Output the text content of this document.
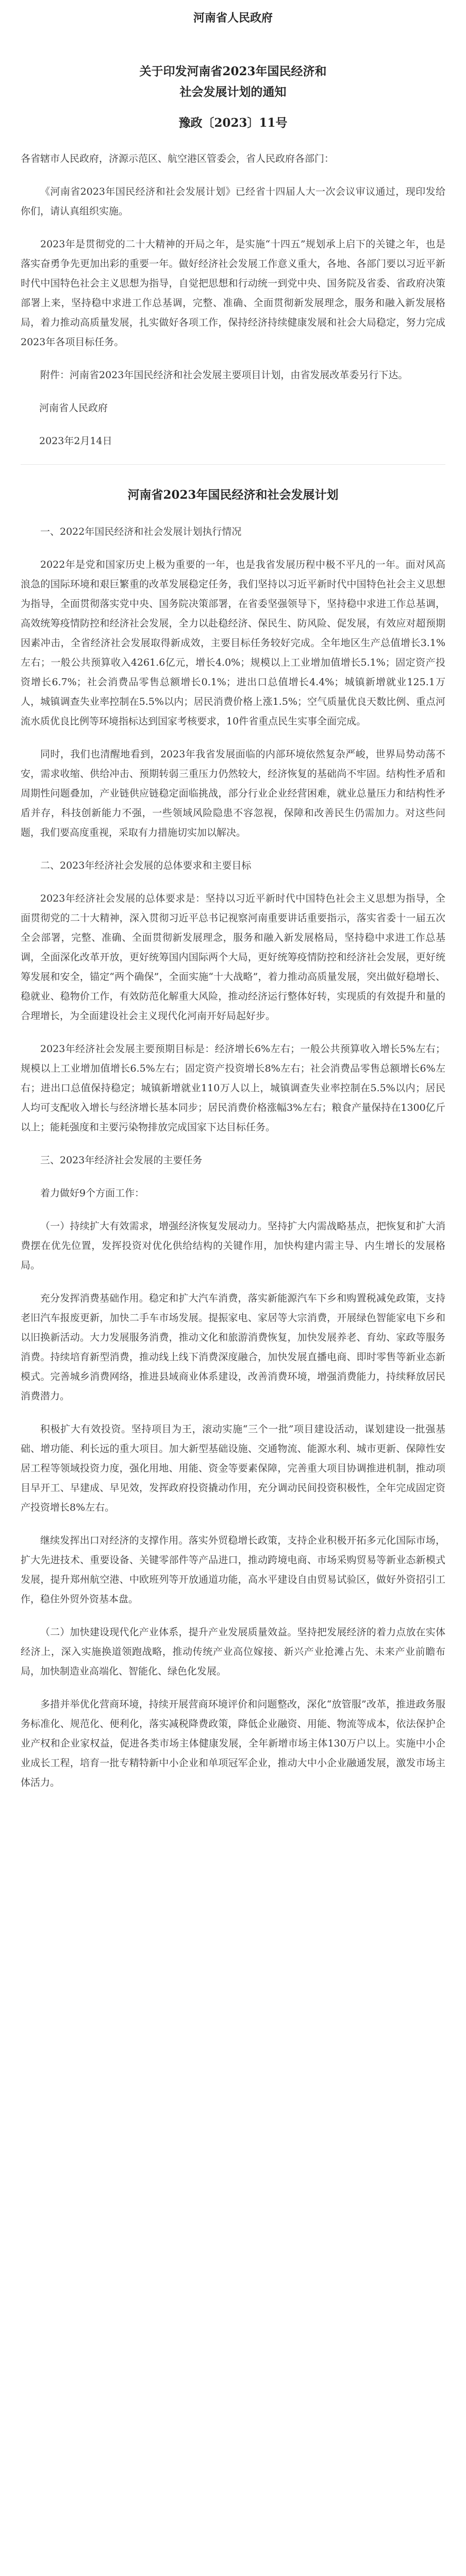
河南省人民政府
关于印发河南省2023年国民经济和
社会发展计划的通知
豫政〔2023〕11号
各省辖市人民政府，济源示范区、航空港区管委会，省人民政府各部门：

《河南省2023年国民经济和社会发展计划》已经省十四届人大一次会议审议通过，现印发给你们，请认真组织实施。

2023年是贯彻党的二十大精神的开局之年，是实施“十四五”规划承上启下的关键之年，也是落实奋勇争先更加出彩的重要一年。做好经济社会发展工作意义重大，各地、各部门要以习近平新时代中国特色社会主义思想为指导，自觉把思想和行动统一到党中央、国务院及省委、省政府决策部署上来，坚持稳中求进工作总基调，完整、准确、全面贯彻新发展理念，服务和融入新发展格局，着力推动高质量发展，扎实做好各项工作，保持经济持续健康发展和社会大局稳定，努力完成2023年各项目标任务。

附件：河南省2023年国民经济和社会发展主要项目计划，由省发展改革委另行下达。

河南省人民政府
2023年2月14日
河南省2023年国民经济和社会发展计划
一、2022年国民经济和社会发展计划执行情况

2022年是党和国家历史上极为重要的一年，也是我省发展历程中极不平凡的一年。面对风高浪急的国际环境和艰巨繁重的改革发展稳定任务，我们坚持以习近平新时代中国特色社会主义思想为指导，全面贯彻落实党中央、国务院决策部署，在省委坚强领导下，坚持稳中求进工作总基调，高效统筹疫情防控和经济社会发展，全力以赴稳经济、保民生、防风险、促发展，有效应对超预期因素冲击，全省经济社会发展取得新成效，主要目标任务较好完成。全年地区生产总值增长3.1%左右；一般公共预算收入4261.6亿元，增长4.0%；规模以上工业增加值增长5.1%；固定资产投资增长6.7%；社会消费品零售总额增长0.1%；进出口总值增长4.4%；城镇新增就业125.1万人，城镇调查失业率控制在5.5%以内；居民消费价格上涨1.5%；空气质量优良天数比例、重点河流水质优良比例等环境指标达到国家考核要求，10件省重点民生实事全面完成。

同时，我们也清醒地看到，2023年我省发展面临的内部环境依然复杂严峻，世界局势动荡不安，需求收缩、供给冲击、预期转弱三重压力仍然较大，经济恢复的基础尚不牢固。结构性矛盾和周期性问题叠加，产业链供应链稳定面临挑战，部分行业企业经营困难，就业总量压力和结构性矛盾并存，科技创新能力不强，一些领域风险隐患不容忽视，保障和改善民生仍需加力。对这些问题，我们要高度重视，采取有力措施切实加以解决。

二、2023年经济社会发展的总体要求和主要目标

2023年经济社会发展的总体要求是：坚持以习近平新时代中国特色社会主义思想为指导，全面贯彻党的二十大精神，深入贯彻习近平总书记视察河南重要讲话重要指示，落实省委十一届五次全会部署，完整、准确、全面贯彻新发展理念，服务和融入新发展格局，坚持稳中求进工作总基调，全面深化改革开放，更好统筹国内国际两个大局，更好统筹疫情防控和经济社会发展，更好统筹发展和安全，锚定“两个确保”，全面实施“十大战略”，着力推动高质量发展，突出做好稳增长、稳就业、稳物价工作，有效防范化解重大风险，推动经济运行整体好转，实现质的有效提升和量的合理增长，为全面建设社会主义现代化河南开好局起好步。

2023年经济社会发展主要预期目标是：经济增长6%左右；一般公共预算收入增长5%左右；规模以上工业增加值增长6.5%左右；固定资产投资增长8%左右；社会消费品零售总额增长6%左右；进出口总值保持稳定；城镇新增就业110万人以上，城镇调查失业率控制在5.5%以内；居民人均可支配收入增长与经济增长基本同步；居民消费价格涨幅3%左右；粮食产量保持在1300亿斤以上；能耗强度和主要污染物排放完成国家下达目标任务。

三、2023年经济社会发展的主要任务
着力做好9个方面工作：

（一）持续扩大有效需求，增强经济恢复发展动力。坚持扩大内需战略基点，把恢复和扩大消费摆在优先位置，发挥投资对优化供给结构的关键作用，加快构建内需主导、内生增长的发展格局。

充分发挥消费基础作用。稳定和扩大汽车消费，落实新能源汽车下乡和购置税减免政策，支持老旧汽车报废更新，加快二手车市场发展。提振家电、家居等大宗消费，开展绿色智能家电下乡和以旧换新活动。大力发展服务消费，推动文化和旅游消费恢复，加快发展养老、育幼、家政等服务消费。持续培育新型消费，推动线上线下消费深度融合，加快发展直播电商、即时零售等新业态新模式。完善城乡消费网络，推进县域商业体系建设，改善消费环境，增强消费能力，持续释放居民消费潜力。

积极扩大有效投资。坚持项目为王，滚动实施“三个一批”项目建设活动，谋划建设一批强基础、增功能、利长远的重大项目。加大新型基础设施、交通物流、能源水利、城市更新、保障性安居工程等领域投资力度，强化用地、用能、资金等要素保障，完善重大项目协调推进机制，推动项目早开工、早建成、早见效，发挥政府投资撬动作用，充分调动民间投资积极性，全年完成固定资产投资增长8%左右。

继续发挥出口对经济的支撑作用。落实外贸稳增长政策，支持企业积极开拓多元化国际市场，扩大先进技术、重要设备、关键零部件等产品进口，推动跨境电商、市场采购贸易等新业态新模式发展，提升郑州航空港、中欧班列等开放通道功能，高水平建设自由贸易试验区，做好外资招引工作，稳住外贸外资基本盘。

（二）加快建设现代化产业体系，提升产业发展质量效益。坚持把发展经济的着力点放在实体经济上，深入实施换道领跑战略，推动传统产业高位嫁接、新兴产业抢滩占先、未来产业前瞻布局，加快制造业高端化、智能化、绿色化发展。

多措并举优化营商环境，持续开展营商环境评价和问题整改，深化“放管服”改革，推进政务服务标准化、规范化、便利化，落实减税降费政策，降低企业融资、用能、物流等成本，依法保护企业产权和企业家权益，促进各类市场主体健康发展，全年新增市场主体130万户以上。实施中小企业成长工程，培育一批专精特新中小企业和单项冠军企业，推动大中小企业融通发展，激发市场主体活力。
